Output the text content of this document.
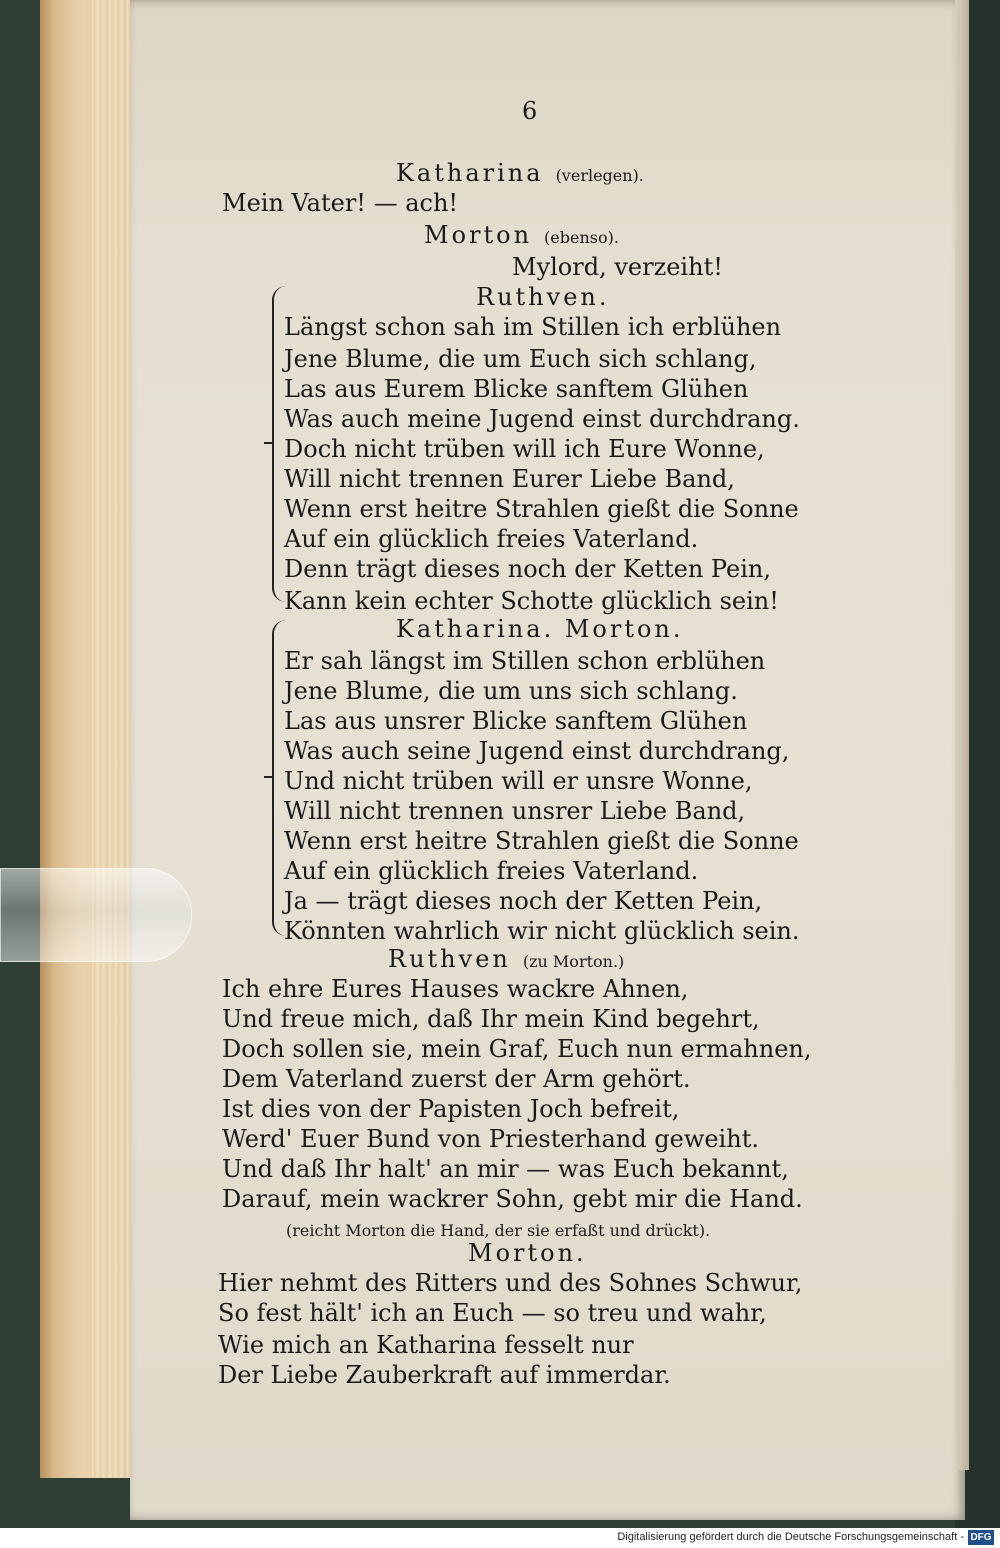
6
Katharina (verlegen).
Mein Vater! — ach!
Morton (ebenso).
Mylord, verzeiht!
Ruthven.
Längst schon sah im Stillen ich erblühen
Jene Blume, die um Euch sich schlang,
Las aus Eurem Blicke sanftem Glühen
Was auch meine Jugend einst durchdrang.
Doch nicht trüben will ich Eure Wonne,
Will nicht trennen Eurer Liebe Band,
Wenn erst heitre Strahlen gießt die Sonne
Auf ein glücklich freies Vaterland.
Denn trägt dieses noch der Ketten Pein,
Kann kein echter Schotte glücklich sein!
Katharina. Morton.
Er sah längst im Stillen schon erblühen
Jene Blume, die um uns sich schlang.
Las aus unsrer Blicke sanftem Glühen
Was auch seine Jugend einst durchdrang,
Und nicht trüben will er unsre Wonne,
Will nicht trennen unsrer Liebe Band,
Wenn erst heitre Strahlen gießt die Sonne
Auf ein glücklich freies Vaterland.
Ja — trägt dieses noch der Ketten Pein,
Könnten wahrlich wir nicht glücklich sein.
Ruthven (zu Morton.)
Ich ehre Eures Hauses wackre Ahnen,
Und freue mich, daß Ihr mein Kind begehrt,
Doch sollen sie, mein Graf, Euch nun ermahnen,
Dem Vaterland zuerst der Arm gehört.
Ist dies von der Papisten Joch befreit,
Werd' Euer Bund von Priesterhand geweiht.
Und daß Ihr halt' an mir — was Euch bekannt,
Darauf, mein wackrer Sohn, gebt mir die Hand.
(reicht Morton die Hand, der sie erfaßt und drückt).
Morton.
Hier nehmt des Ritters und des Sohnes Schwur,
So fest hält' ich an Euch — so treu und wahr,
Wie mich an Katharina fesselt nur
Der Liebe Zauberkraft auf immerdar.
Digitalisierung gefördert durch die Deutsche Forschungsgemeinschaft - DFG
